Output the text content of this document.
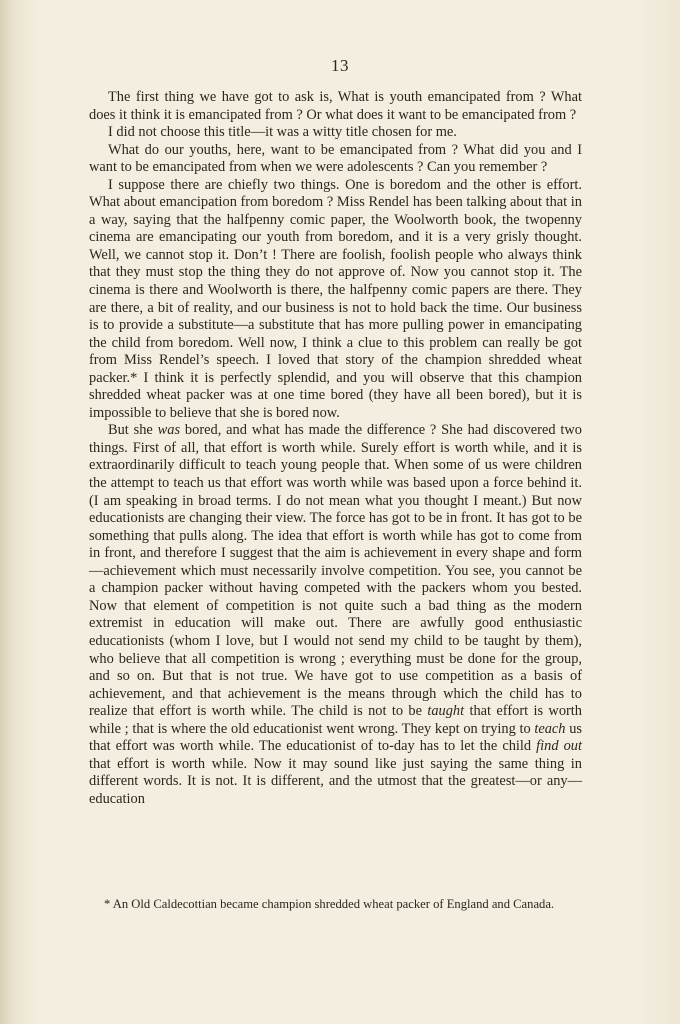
13

The first thing we have got to ask is, What is youth emancipated from ? What does it think it is emancipated from ? Or what does it want to be emancipated from ?

I did not choose this title—it was a witty title chosen for me.

What do our youths, here, want to be emancipated from ? What did you and I want to be emancipated from when we were adolescents ? Can you remember ?

I suppose there are chiefly two things. One is boredom and the other is effort. What about emancipation from boredom ? Miss Rendel has been talking about that in a way, saying that the halfpenny comic paper, the Woolworth book, the twopenny cinema are emancipating our youth from boredom, and it is a very grisly thought. Well, we cannot stop it. Don’t ! There are foolish, foolish people who always think that they must stop the thing they do not approve of. Now you cannot stop it. The cinema is there and Woolworth is there, the halfpenny comic papers are there. They are there, a bit of reality, and our business is not to hold back the time. Our business is to provide a substitute—a substitute that has more pulling power in emancipating the child from boredom. Well now, I think a clue to this problem can really be got from Miss Rendel’s speech. I loved that story of the champion shredded wheat packer.* I think it is perfectly splendid, and you will observe that this champion shredded wheat packer was at one time bored (they have all been bored), but it is impossible to believe that she is bored now.

But she was bored, and what has made the difference ? She had discovered two things. First of all, that effort is worth while. Surely effort is worth while, and it is extraordinarily difficult to teach young people that. When some of us were children the attempt to teach us that effort was worth while was based upon a force behind it. (I am speaking in broad terms. I do not mean what you thought I meant.) But now educationists are changing their view. The force has got to be in front. It has got to be something that pulls along. The idea that effort is worth while has got to come from in front, and therefore I suggest that the aim is achievement in every shape and form—achievement which must necessarily involve competition. You see, you cannot be a champion packer without having competed with the packers whom you bested. Now that element of competition is not quite such a bad thing as the modern extremist in education will make out. There are awfully good enthusiastic educationists (whom I love, but I would not send my child to be taught by them), who believe that all competition is wrong ; everything must be done for the group, and so on. But that is not true. We have got to use competition as a basis of achievement, and that achievement is the means through which the child has to realize that effort is worth while. The child is not to be taught that effort is worth while ; that is where the old educationist went wrong. They kept on trying to teach us that effort was worth while. The educationist of to-day has to let the child find out that effort is worth while. Now it may sound like just saying the same thing in different words. It is not. It is different, and the utmost that the greatest—or any—education

* An Old Caldecottian became champion shredded wheat packer of England and Canada.
